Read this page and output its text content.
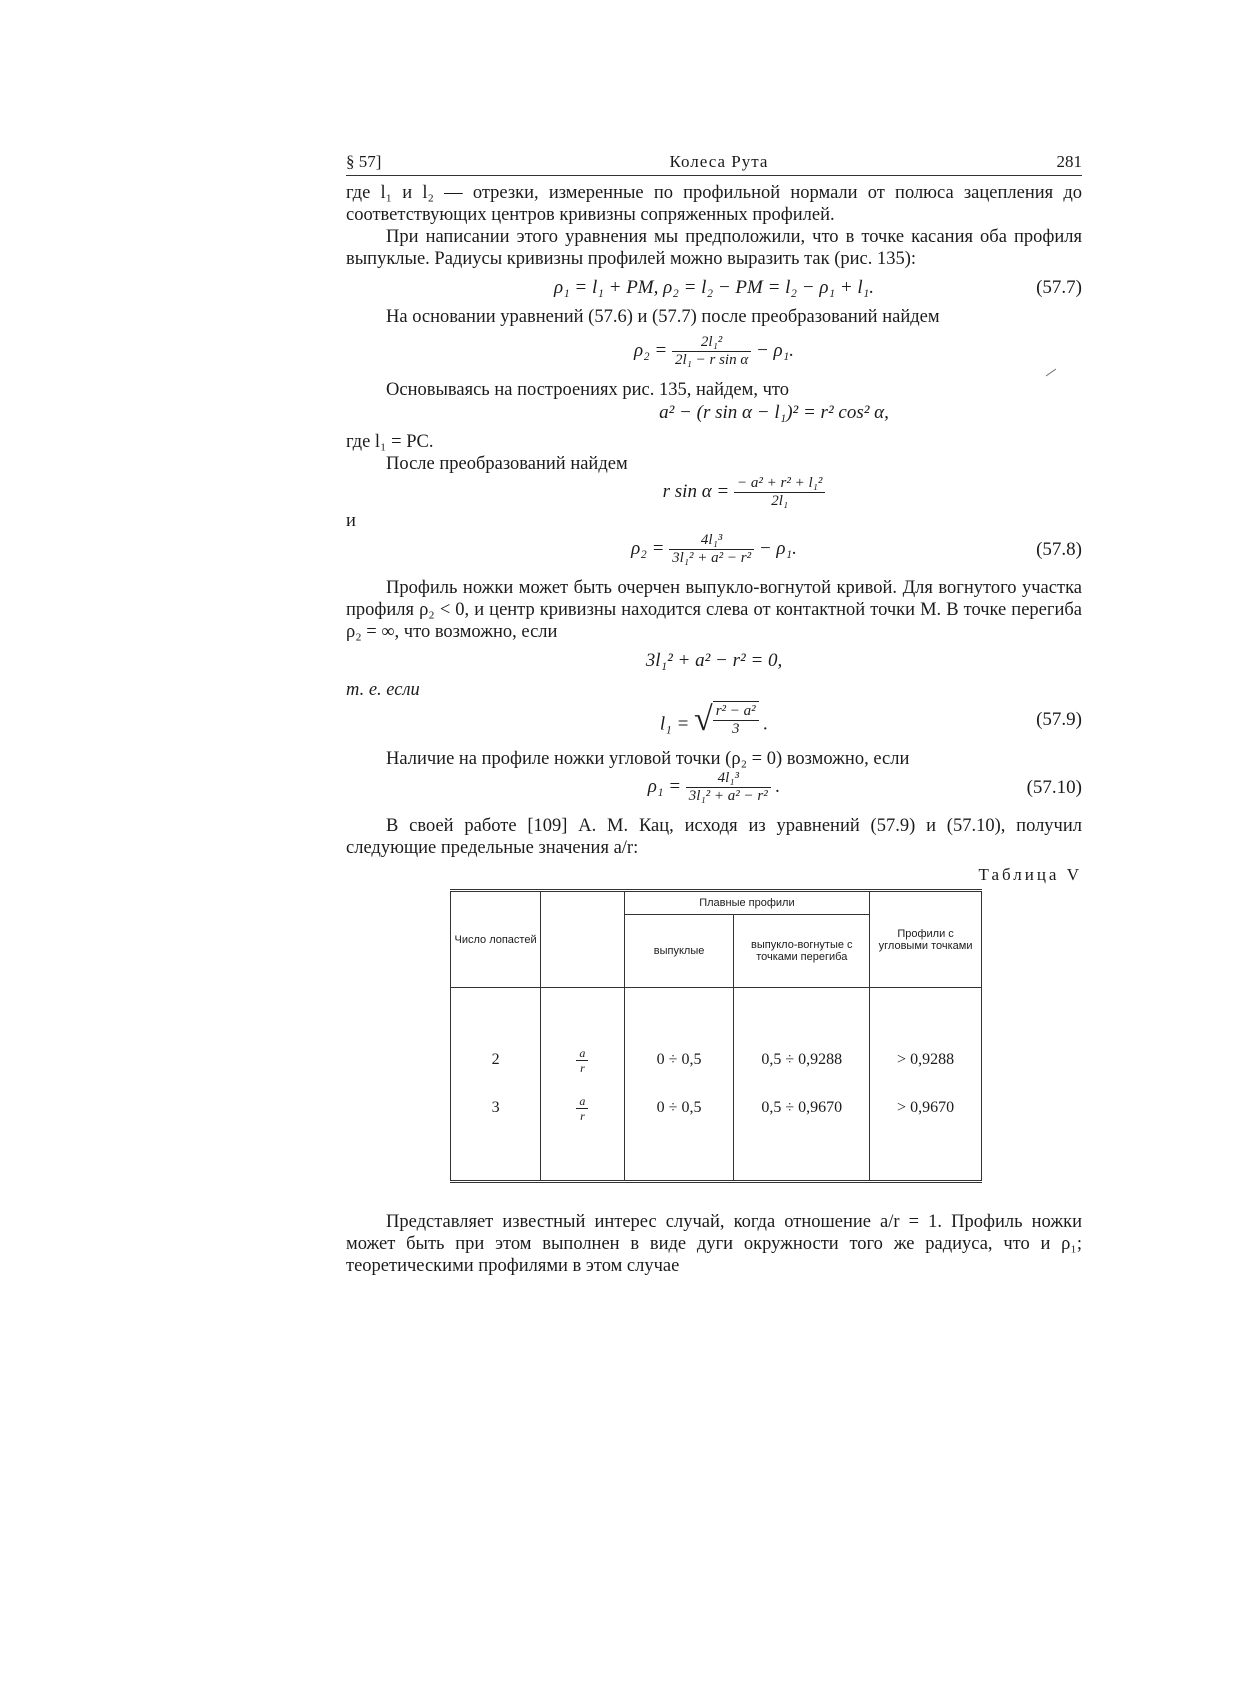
§ 57]	Колеса Рута	281

где l₁ и l₂ — отрезки, измеренные по профильной нормали от полюса зацепления до соответствующих центров кривизны сопряженных профилей.

При написании этого уравнения мы предположили, что в точке касания оба профиля выпуклые. Радиусы кривизны профилей можно выразить так (рис. 135):

ρ₁ = l₁ + PM, ρ₂ = l₂ − PM = l₂ − ρ₁ + l₁.	(57.7)

На основании уравнений (57.6) и (57.7) после преобразований найдем

$\rho_2 = \frac{\text{2l₁²}}{\text{2l₁ − r sin α}} - \rho_1$.

Основываясь на построениях рис. 135, найдем, что

a² − (r sin α − l₁)² = r² cos² α,

где l₁ = PC.

После преобразований найдем

r $\sin \alpha = \frac{\text{− a² + r² + l₁²}}{\text{2l₁}}$

и

$\rho_2 = \frac{\text{4l₁³}}{\text{3l₁² + a² − r²}} - \rho_1$.	(57.8)

Профиль ножки может быть очерчен выпукло-вогнутой кривой. Для вогнутого участка профиля ρ₂ < 0, и центр кривизны находится слева от контактной точки M. В точке перегиба ρ₂ = ∞, что возможно, если

3l₁² + a² − r² = 0,

т. е. если

l₁ = √ $\frac{\text{r² − a²}}{3}$ .	(57.9)

Наличие на профиле ножки угловой точки (ρ₂ = 0) возможно, если

$\rho_1 = \frac{\text{4l₁³}}{\text{3l₁² + a² − r²}}$ .	(57.10)

В своей работе [109] А. М. Кац, исходя из уравнений (57.9) и (57.10), получил следующие предельные значения a/r:

Таблица V
Число лопастей		Плавные профили		Профили с угловыми точками
		выпуклые	выпукло-вогнутые с точками перегиба	

2	$\frac{a}{r}$	0 ÷ 0,5	0,5 ÷ 0,9288	> 0,9288
3	$\frac{a}{r}$	0 ÷ 0,5	0,5 ÷ 0,9670	> 0,9670

Представляет известный интерес случай, когда отношение a/r = 1. Профиль ножки может быть при этом выполнен в виде дуги окружности того же радиуса, что и ρ₁; теоретическими профилями в этом случае
